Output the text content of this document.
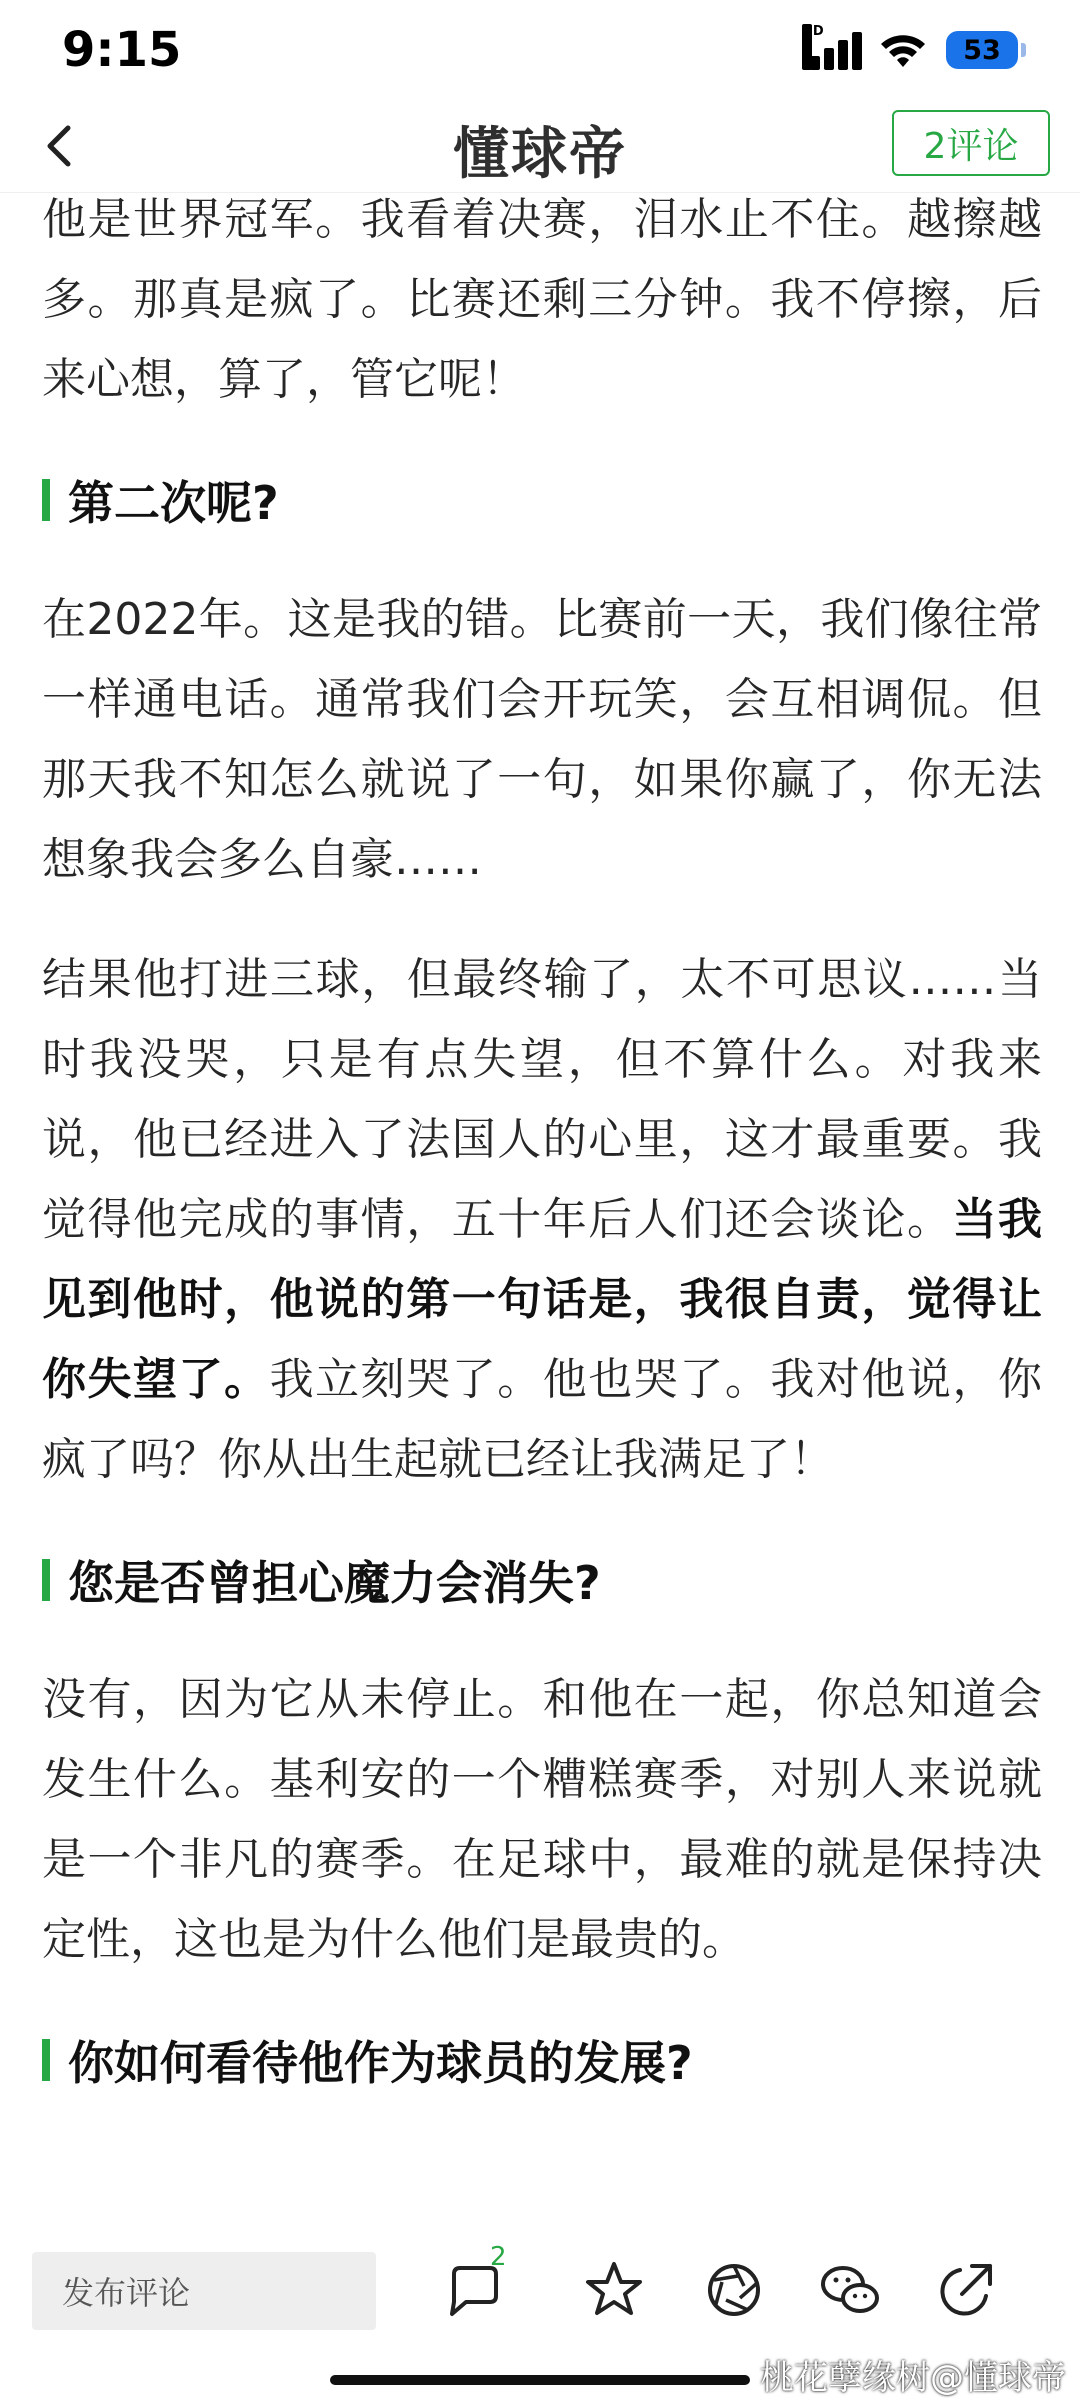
9:15	HD
53
懂球帝	2评论

他是世界冠军。我看着决赛，泪水止不住。越擦越多。那真是疯了。比赛还剩三分钟。我不停擦，后来心想，算了，管它呢！

第二次呢?

在2022年。这是我的错。比赛前一天，我们像往常一样通电话。通常我们会开玩笑，会互相调侃。但那天我不知怎么就说了一句，如果你赢了，你无法想象我会多么自豪……

结果他打进三球，但最终输了，太不可思议……当时我没哭，只是有点失望，但不算什么。对我来说，他已经进入了法国人的心里，这才最重要。我觉得他完成的事情，五十年后人们还会谈论。当我见到他时，他说的第一句话是，我很自责，觉得让你失望了。我立刻哭了。他也哭了。我对他说，你疯了吗？你从出生起就已经让我满足了！

您是否曾担心魔力会消失?

没有，因为它从未停止。和他在一起，你总知道会发生什么。基利安的一个糟糕赛季，对别人来说就是一个非凡的赛季。在足球中，最难的就是保持决定性，这也是为什么他们是最贵的。

你如何看待他作为球员的发展?
发布评论
2
桃花孽缘树@懂球帝
